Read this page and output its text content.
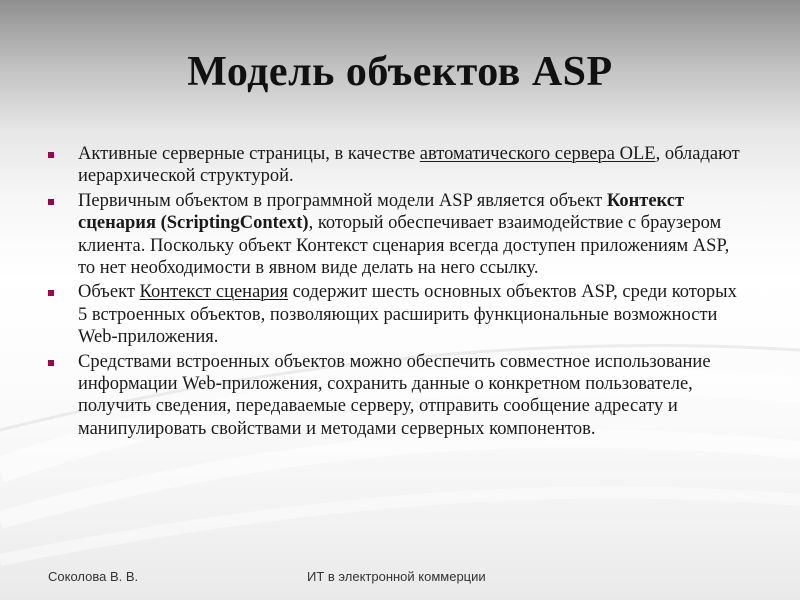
Модель объектов ASP
Активные серверные страницы, в качестве автоматического сервера OLE, обладают иерархической структурой.
Первичным объектом в программной модели ASP является объект Контекст сценария (ScriptingContext), который обеспечивает взаимодействие с браузером клиента. Поскольку объект Контекст сценария всегда доступен приложениям ASP, то нет необходимости в явном виде делать на него ссылку.
Объект Контекст сценария содержит шесть основных объектов ASP, среди которых 5 встроенных объектов, позволяющих расширить функциональные возможности Web-приложения.
Средствами встроенных объектов можно обеспечить совместное использование информации Web-приложения, сохранить данные о конкретном пользователе, получить сведения, передаваемые серверу, отправить сообщение адресату и манипулировать свойствами и методами серверных компонентов.
Соколова В. В.	ИТ в электронной коммерции
